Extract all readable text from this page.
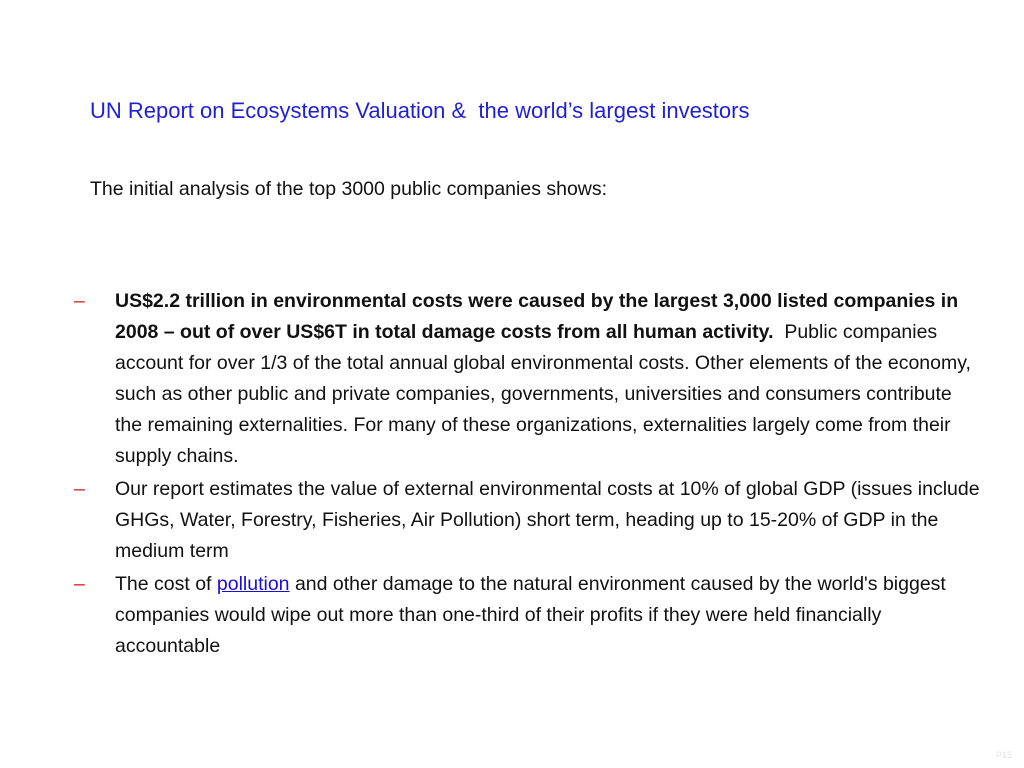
UN Report on Ecosystems Valuation &  the world’s largest investors
The initial analysis of the top 3000 public companies shows:
–	US$2.2 trillion in environmental costs were caused by the largest 3,000 listed companies in 2008 – out of over US$6T in total damage costs from all human activity.  Public companies account for over 1/3 of the total annual global environmental costs. Other elements of the economy, such as other public and private companies, governments, universities and consumers contribute the remaining externalities. For many of these organizations, externalities largely come from their supply chains.
–	Our report estimates the value of external environmental costs at 10% of global GDP (issues include GHGs, Water, Forestry, Fisheries, Air Pollution) short term, heading up to 15-20% of GDP in the medium term
–	The cost of pollution and other damage to the natural environment caused by the world's biggest companies would wipe out more than one-third of their profits if they were held financially accountable
P15
